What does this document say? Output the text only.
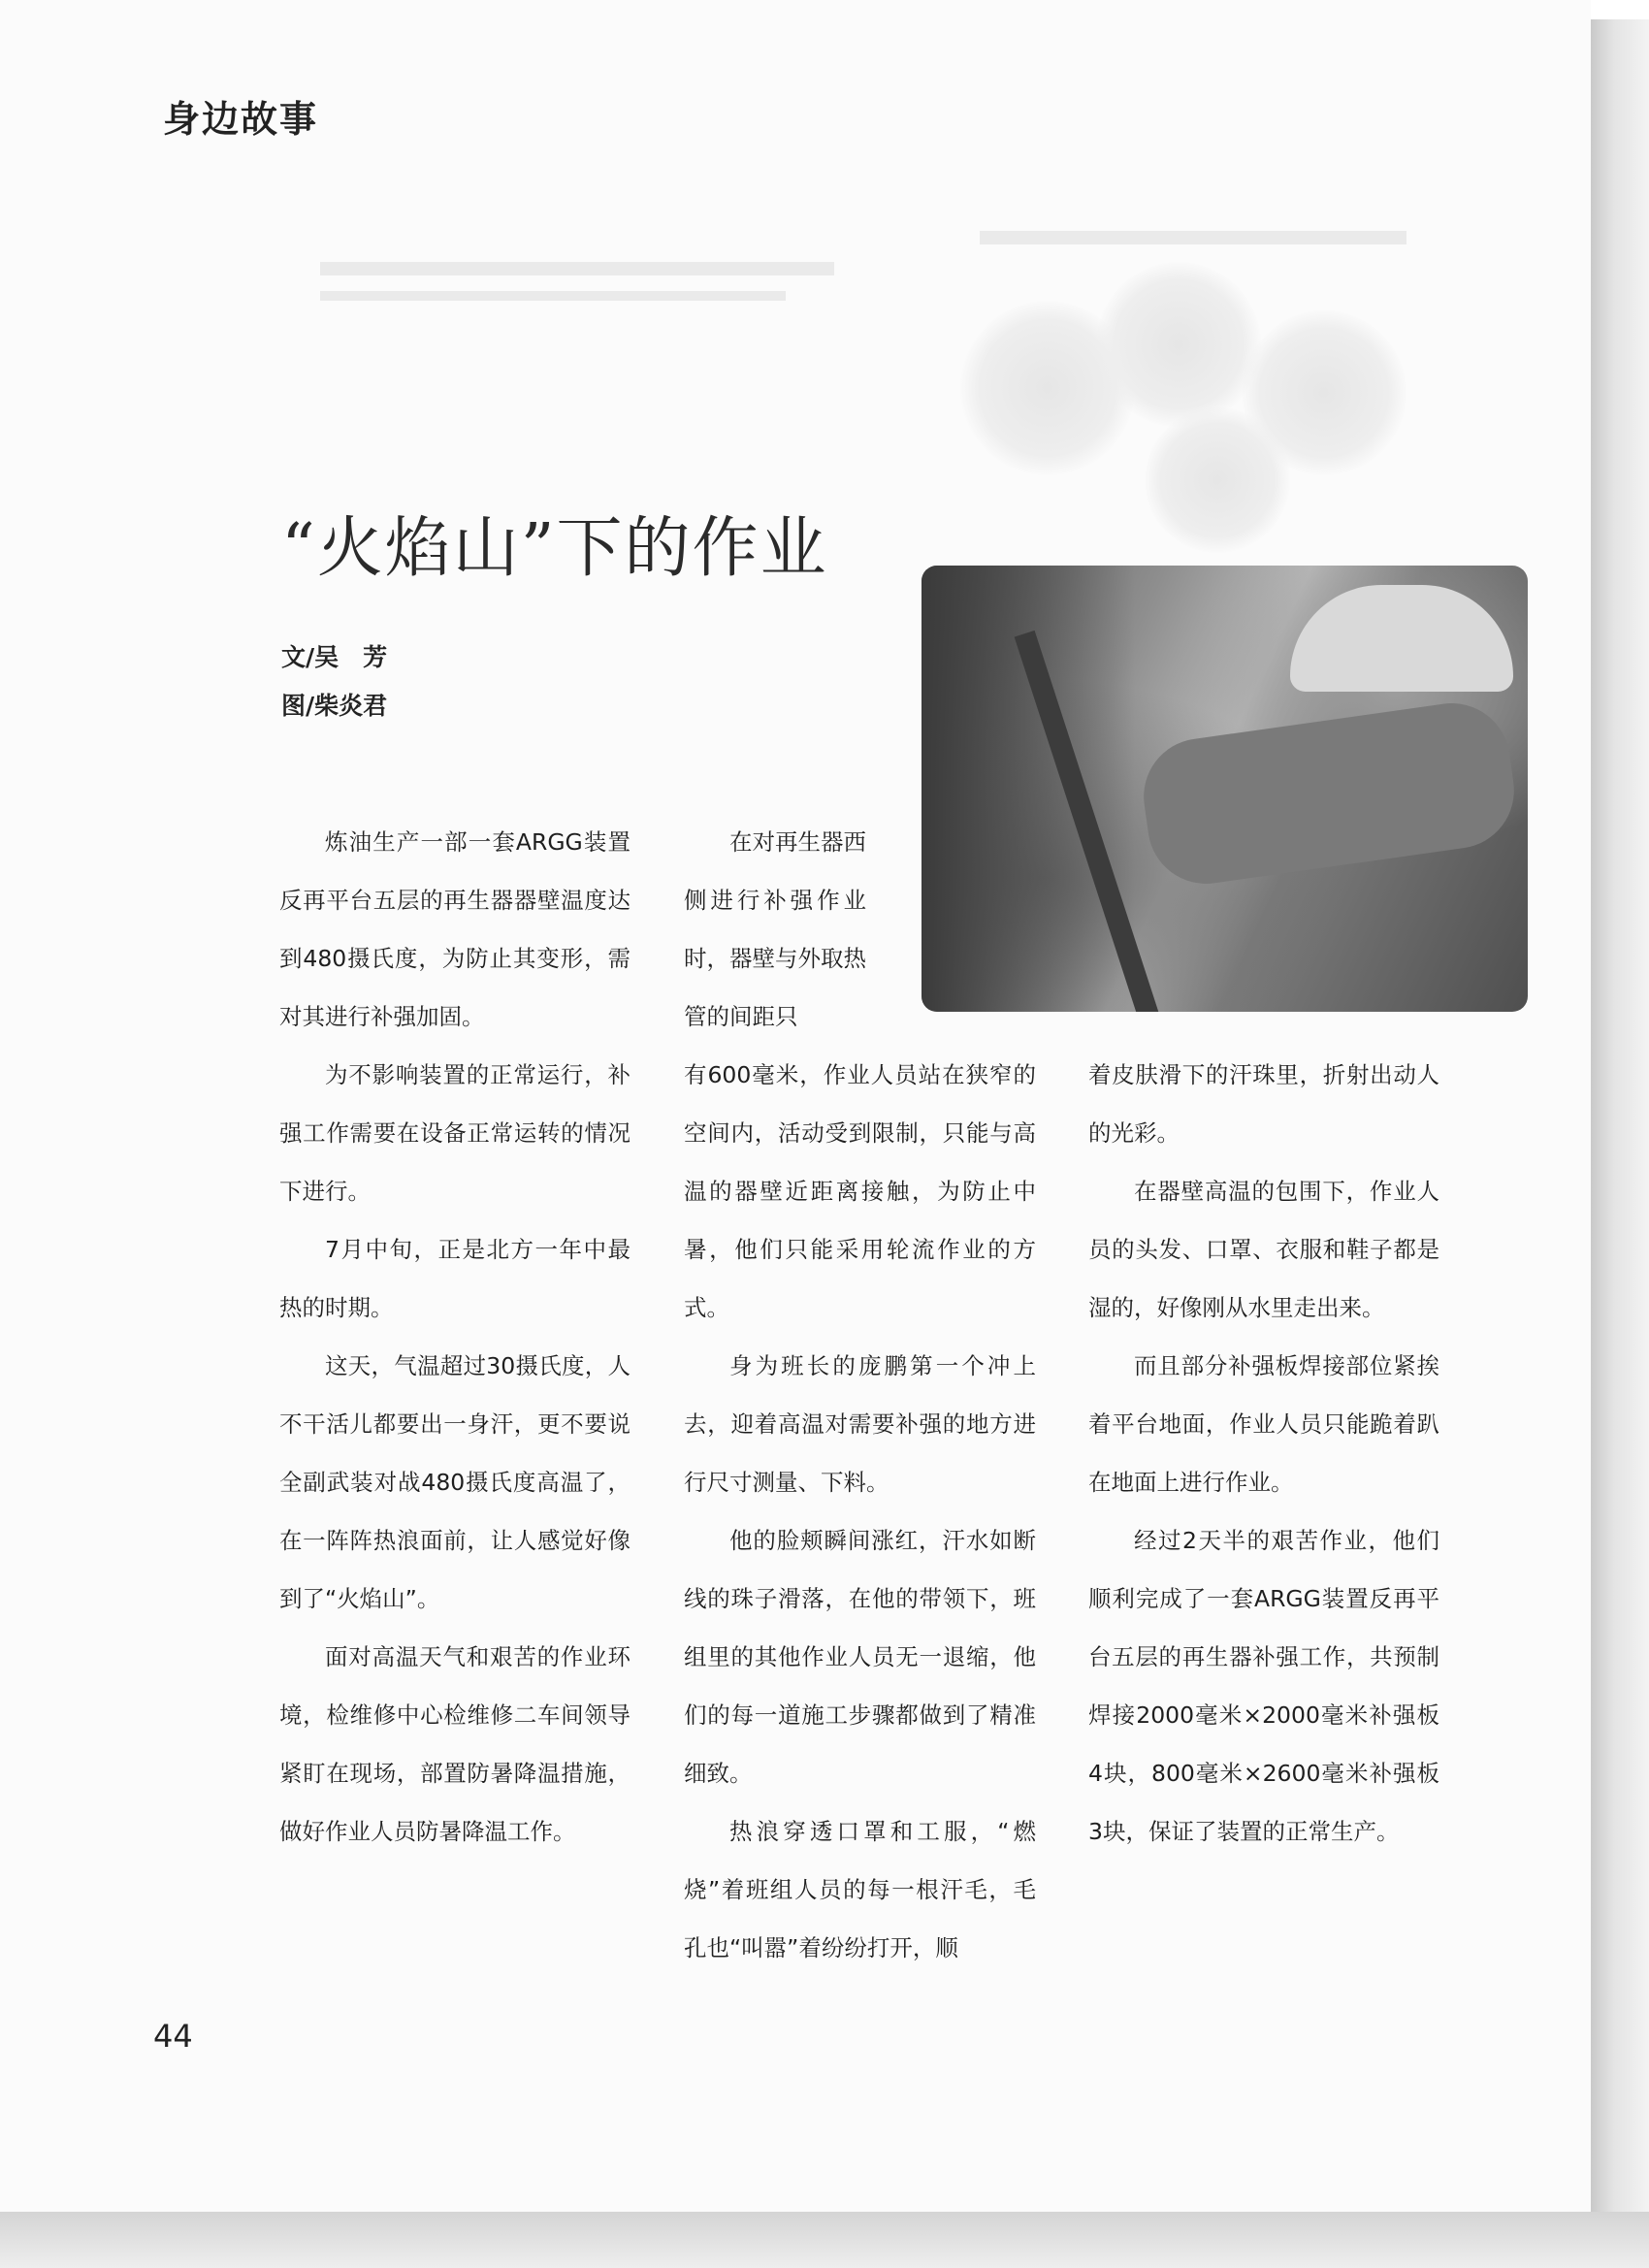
身边故事
“火焰山”下的作业
文/吴　芳
图/柴炎君

炼油生产一部一套ARGG装置反再平台五层的再生器器壁温度达到480摄氏度，为防止其变形，需对其进行补强加固。

为不影响装置的正常运行，补强工作需要在设备正常运转的情况下进行。

7月中旬，正是北方一年中最热的时期。

这天，气温超过30摄氏度，人不干活儿都要出一身汗，更不要说全副武装对战480摄氏度高温了，在一阵阵热浪面前，让人感觉好像到了“火焰山”。

面对高温天气和艰苦的作业环境，检维修中心检维修二车间领导紧盯在现场，部置防暑降温措施，做好作业人员防暑降温工作。

在对再生器西侧进行补强作业时，器壁与外取热管的间距只

有600毫米，作业人员站在狭窄的空间内，活动受到限制，只能与高温的器壁近距离接触，为防止中暑，他们只能采用轮流作业的方式。

身为班长的庞鹏第一个冲上去，迎着高温对需要补强的地方进行尺寸测量、下料。

他的脸颊瞬间涨红，汗水如断线的珠子滑落，在他的带领下，班组里的其他作业人员无一退缩，他们的每一道施工步骤都做到了精准细致。

热浪穿透口罩和工服，“燃烧”着班组人员的每一根汗毛，毛孔也“叫嚣”着纷纷打开，顺

着皮肤滑下的汗珠里，折射出动人的光彩。

在器壁高温的包围下，作业人员的头发、口罩、衣服和鞋子都是湿的，好像刚从水里走出来。

而且部分补强板焊接部位紧挨着平台地面，作业人员只能跪着趴在地面上进行作业。

经过2天半的艰苦作业，他们顺利完成了一套ARGG装置反再平台五层的再生器补强工作，共预制焊接2000毫米×2000毫米补强板4块，800毫米×2600毫米补强板3块，保证了装置的正常生产。

44
